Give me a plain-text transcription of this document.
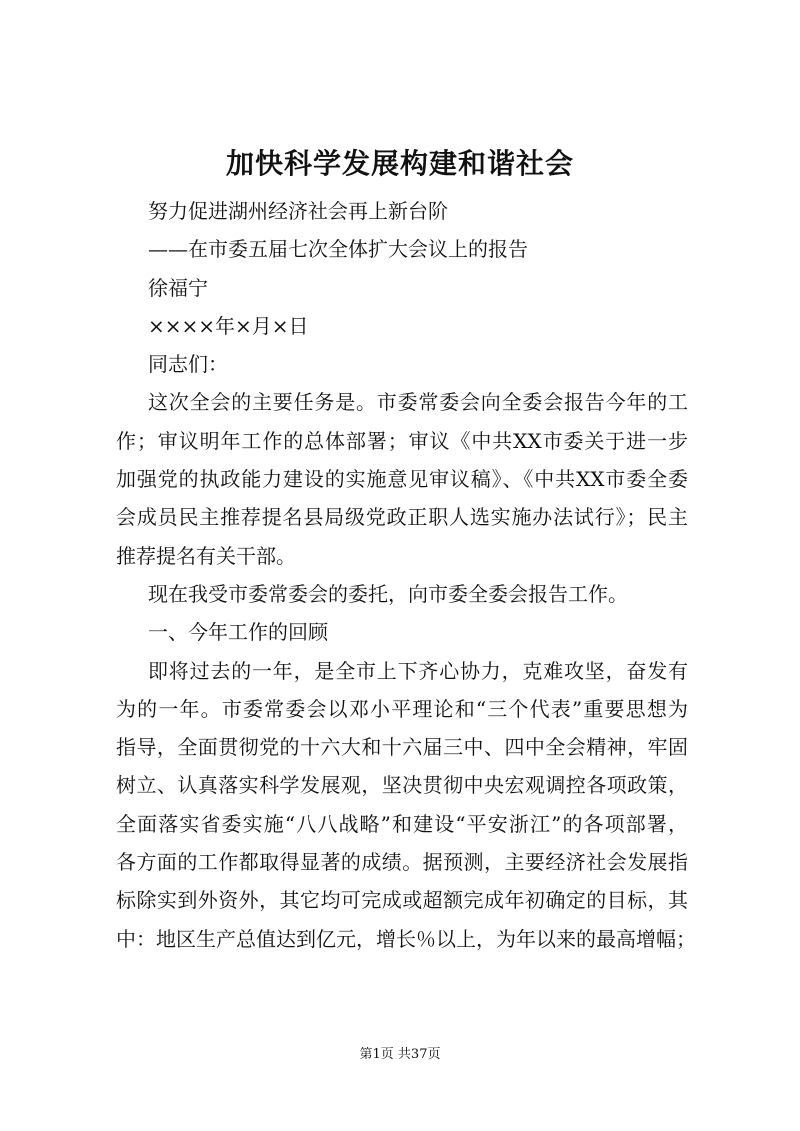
加快科学发展构建和谐社会
努力促进湖州经济社会再上新台阶
——在市委五届七次全体扩大会议上的报告
徐福宁
××××年×月×日
同志们：
这次全会的主要任务是。市委常委会向全委会报告今年的工
作；审议明年工作的总体部署；审议《中共XX市委关于进一步
加强党的执政能力建设的实施意见审议稿》、《中共XX市委全委
会成员民主推荐提名县局级党政正职人选实施办法试行》；民主
推荐提名有关干部。
现在我受市委常委会的委托，向市委全委会报告工作。
一、今年工作的回顾
即将过去的一年，是全市上下齐心协力，克难攻坚，奋发有
为的一年。市委常委会以邓小平理论和“三个代表”重要思想为
指导，全面贯彻党的十六大和十六届三中、四中全会精神，牢固
树立、认真落实科学发展观，坚决贯彻中央宏观调控各项政策，
全面落实省委实施“八八战略”和建设“平安浙江”的各项部署，
各方面的工作都取得显著的成绩。据预测，主要经济社会发展指
标除实到外资外，其它均可完成或超额完成年初确定的目标，其
中：地区生产总值达到亿元，增长％以上，为年以来的最高增幅；
第1页 共37页
